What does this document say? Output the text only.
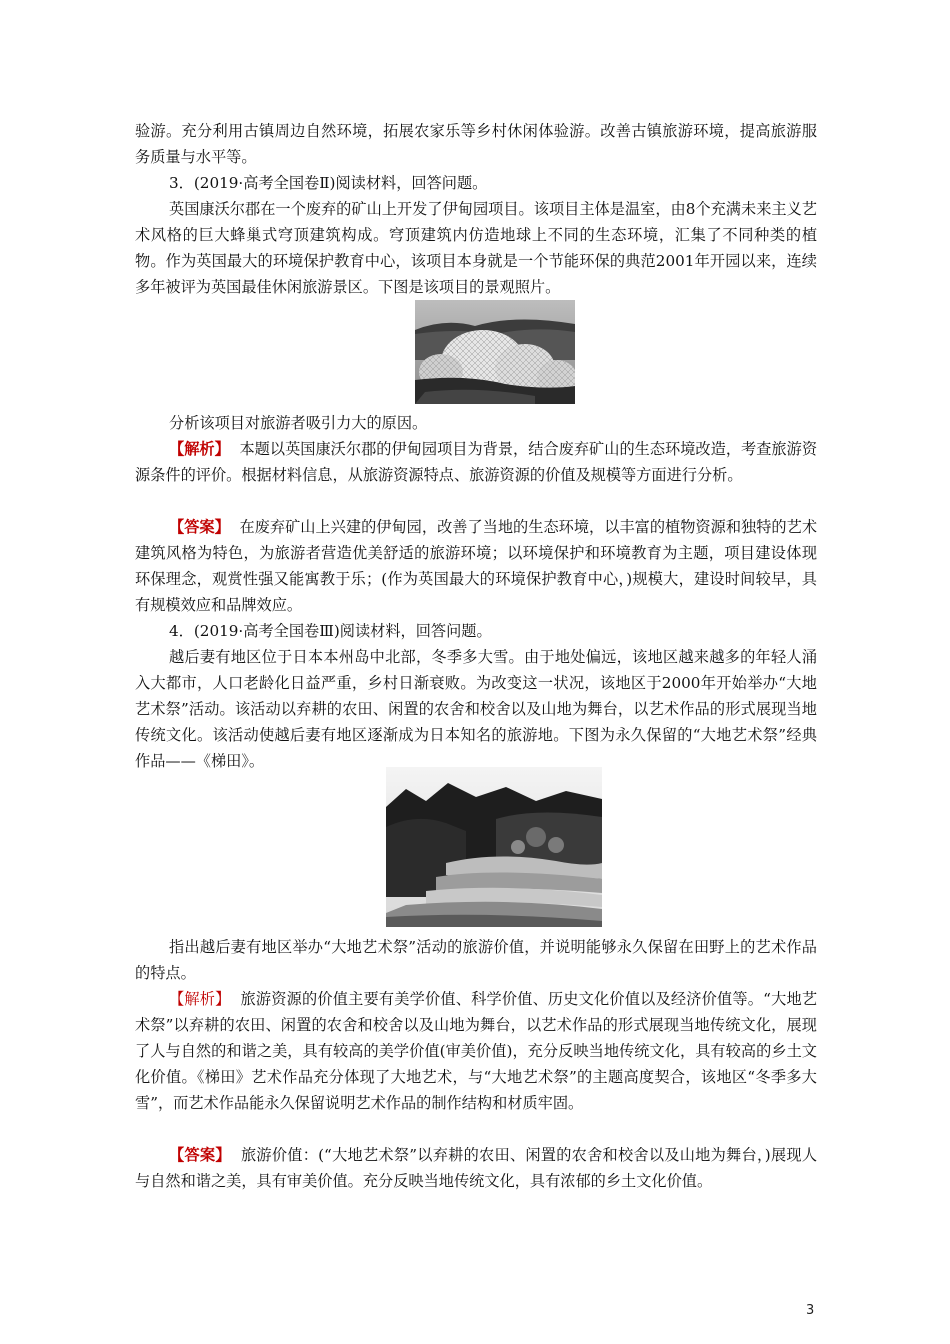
验游。充分利用古镇周边自然环境，拓展农家乐等乡村休闲体验游。改善古镇旅游环境，提高旅游服务质量与水平等。

3．(2019·高考全国卷Ⅱ)阅读材料，回答问题。

英国康沃尔郡在一个废弃的矿山上开发了伊甸园项目。该项目主体是温室，由8个充满未来主义艺术风格的巨大蜂巢式穹顶建筑构成。穹顶建筑内仿造地球上不同的生态环境，汇集了不同种类的植物。作为英国最大的环境保护教育中心，该项目本身就是一个节能环保的典范2001年开园以来，连续多年被评为英国最佳休闲旅游景区。下图是该项目的景观照片。

分析该项目对旅游者吸引力大的原因。

【解析】 本题以英国康沃尔郡的伊甸园项目为背景，结合废弃矿山的生态环境改造，考查旅游资源条件的评价。根据材料信息，从旅游资源特点、旅游资源的价值及规模等方面进行分析。

【答案】 在废弃矿山上兴建的伊甸园，改善了当地的生态环境，以丰富的植物资源和独特的艺术建筑风格为特色，为旅游者营造优美舒适的旅游环境；以环境保护和环境教育为主题，项目建设体现环保理念，观赏性强又能寓教于乐；(作为英国最大的环境保护教育中心，)规模大，建设时间较早，具有规模效应和品牌效应。

4．(2019·高考全国卷Ⅲ)阅读材料，回答问题。

越后妻有地区位于日本本州岛中北部，冬季多大雪。由于地处偏远，该地区越来越多的年轻人涌入大都市，人口老龄化日益严重，乡村日渐衰败。为改变这一状况，该地区于2000年开始举办“大地艺术祭”活动。该活动以弃耕的农田、闲置的农舍和校舍以及山地为舞台，以艺术作品的形式展现当地传统文化。该活动使越后妻有地区逐渐成为日本知名的旅游地。下图为永久保留的“大地艺术祭”经典作品——《梯田》。

指出越后妻有地区举办“大地艺术祭”活动的旅游价值，并说明能够永久保留在田野上的艺术作品的特点。

【解析】 旅游资源的价值主要有美学价值、科学价值、历史文化价值以及经济价值等。“大地艺术祭”以弃耕的农田、闲置的农舍和校舍以及山地为舞台，以艺术作品的形式展现当地传统文化，展现了人与自然的和谐之美，具有较高的美学价值(审美价值)，充分反映当地传统文化，具有较高的乡土文化价值。《梯田》艺术作品充分体现了大地艺术，与“大地艺术祭”的主题高度契合，该地区“冬季多大雪”，而艺术作品能永久保留说明艺术作品的制作结构和材质牢固。

【答案】 旅游价值：(“大地艺术祭”以弃耕的农田、闲置的农舍和校舍以及山地为舞台，)展现人与自然和谐之美，具有审美价值。充分反映当地传统文化，具有浓郁的乡土文化价值。

3
